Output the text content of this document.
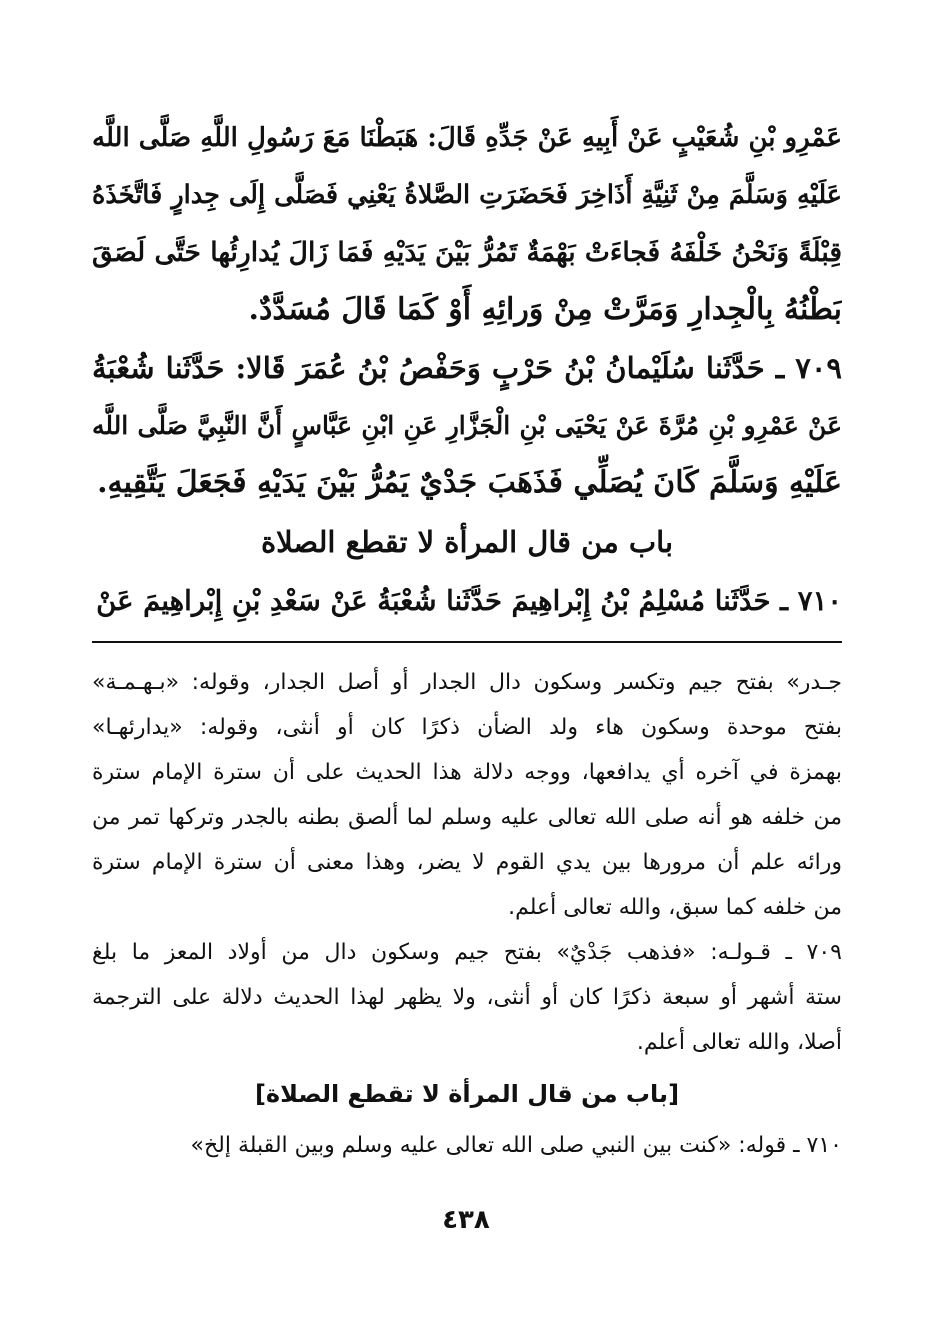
عَمْرِو بْنِ شُعَيْبٍ عَنْ أَبِيهِ عَنْ جَدِّهِ قَالَ: هَبَطْنَا مَعَ رَسُولِ اللَّهِ صَلَّى اللَّه
عَلَيْهِ وَسَلَّمَ مِنْ ثَنِيَّةِ أَذَاخِرَ فَحَضَرَتِ الصَّلاةُ يَعْنِي فَصَلَّى إِلَى جِدارٍ فَاتَّخَذَهُ
قِبْلَةً وَنَحْنُ خَلْفَهُ فَجاءَتْ بَهْمَةٌ تَمُرُّ بَيْنَ يَدَيْهِ فَمَا زَالَ يُدارِئُها حَتَّى لَصَقَ
بَطْنُهُ بِالْجِدارِ وَمَرَّتْ مِنْ وَرائِهِ أَوْ كَمَا قَالَ مُسَدَّدٌ.
٧٠٩ ـ حَدَّثَنا سُلَيْمانُ بْنُ حَرْبٍ وَحَفْصُ بْنُ عُمَرَ قَالا: حَدَّثَنا شُعْبَةُ
عَنْ عَمْرِو بْنِ مُرَّةَ عَنْ يَحْيَى بْنِ الْجَزَّارِ عَنِ ابْنِ عَبَّاسٍ أَنَّ النَّبِيَّ صَلَّى اللَّه
عَلَيْهِ وَسَلَّمَ كَانَ يُصَلِّي فَذَهَبَ جَدْيٌ يَمُرُّ بَيْنَ يَدَيْهِ فَجَعَلَ يَتَّقِيهِ.
باب من قال المرأة لا تقطع الصلاة
٧١٠ ـ حَدَّثَنا مُسْلِمُ بْنُ إِبْراهِيمَ حَدَّثَنا شُعْبَةُ عَنْ سَعْدِ بْنِ إِبْراهِيمَ عَنْ
جـدر» بفتح جيم وتكسر وسكون دال الجدار أو أصل الجدار، وقوله: «بـهـمـة»
بفتح موحدة وسكون هاء ولد الضأن ذكرًا كان أو أنثى، وقوله: «يدارئهـا»
بهمزة في آخره أي يدافعها، ووجه دلالة هذا الحديث على أن سترة الإمام سترة
من خلفه هو أنه صلى الله تعالى عليه وسلم لما ألصق بطنه بالجدر وتركها تمر من
ورائه علم أن مرورها بين يدي القوم لا يضر، وهذا معنى أن سترة الإمام سترة
من خلفه كما سبق، والله تعالى أعلم.
٧٠٩ ـ قـولـه: «فذهب جَدْيٌ» بفتح جيم وسكون دال من أولاد المعز ما بلغ
ستة أشهر أو سبعة ذكرًا كان أو أنثى، ولا يظهر لهذا الحديث دلالة على الترجمة
أصلا، والله تعالى أعلم.
[باب من قال المرأة لا تقطع الصلاة]
٧١٠ ـ قوله: «كنت بين النبي صلى الله تعالى عليه وسلم وبين القبلة إلخ»
٤٣٨
